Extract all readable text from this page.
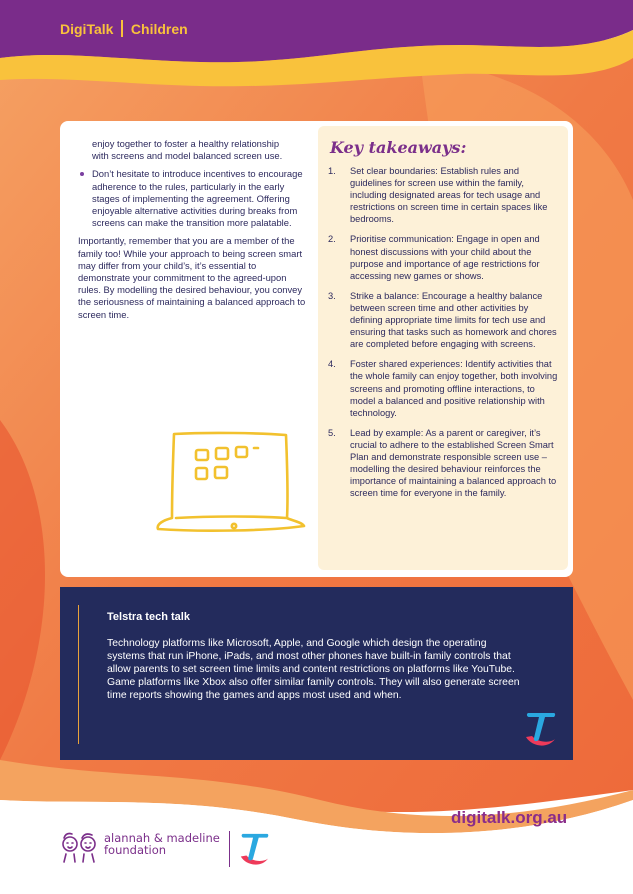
DigiTalk Children

enjoy together to foster a healthy relationship

with screens and model balanced screen use.

Don’t hesitate to introduce incentives to encourage adherence to the rules, particularly in the early stages of implementing the agreement. Offering enjoyable alternative activities during breaks from screens can make the transition more palatable.

Importantly, remember that you are a member of the family too! While your approach to being screen smart may differ from your child’s, it’s essential to demonstrate your commitment to the agreed-upon rules. By modelling the desired behaviour, you convey the seriousness of maintaining a balanced approach to screen time.

Key takeaways:
1.	Set clear boundaries: Establish rules and guidelines for screen use within the family, including designated areas for tech usage and restrictions on screen time in certain spaces like bedrooms.
2.	Prioritise communication: Engage in open and honest discussions with your child about the purpose and importance of age restrictions for accessing new games or shows.
3.	Strike a balance: Encourage a healthy balance between screen time and other activities by defining appropriate time limits for tech use and ensuring that tasks such as homework and chores are completed before engaging with screens.
4.	Foster shared experiences: Identify activities that the whole family can enjoy together, both involving screens and promoting offline interactions, to model a balanced and positive relationship with technology.
5.	Lead by example: As a parent or caregiver, it’s crucial to adhere to the established Screen Smart Plan and demonstrate responsible screen use – modelling the desired behaviour reinforces the importance of maintaining a balanced approach to screen time for everyone in the family.
Telstra tech talk

Technology platforms like Microsoft, Apple, and Google which design the operating systems that run iPhone, iPads, and most other phones have built-in family controls that allow parents to set screen time limits and content restrictions on platforms like YouTube. Game platforms like Xbox also offer similar family controls. They will also generate screen time reports showing the games and apps most used and when.

digitalk.org.au
alannah & madeline
foundation
